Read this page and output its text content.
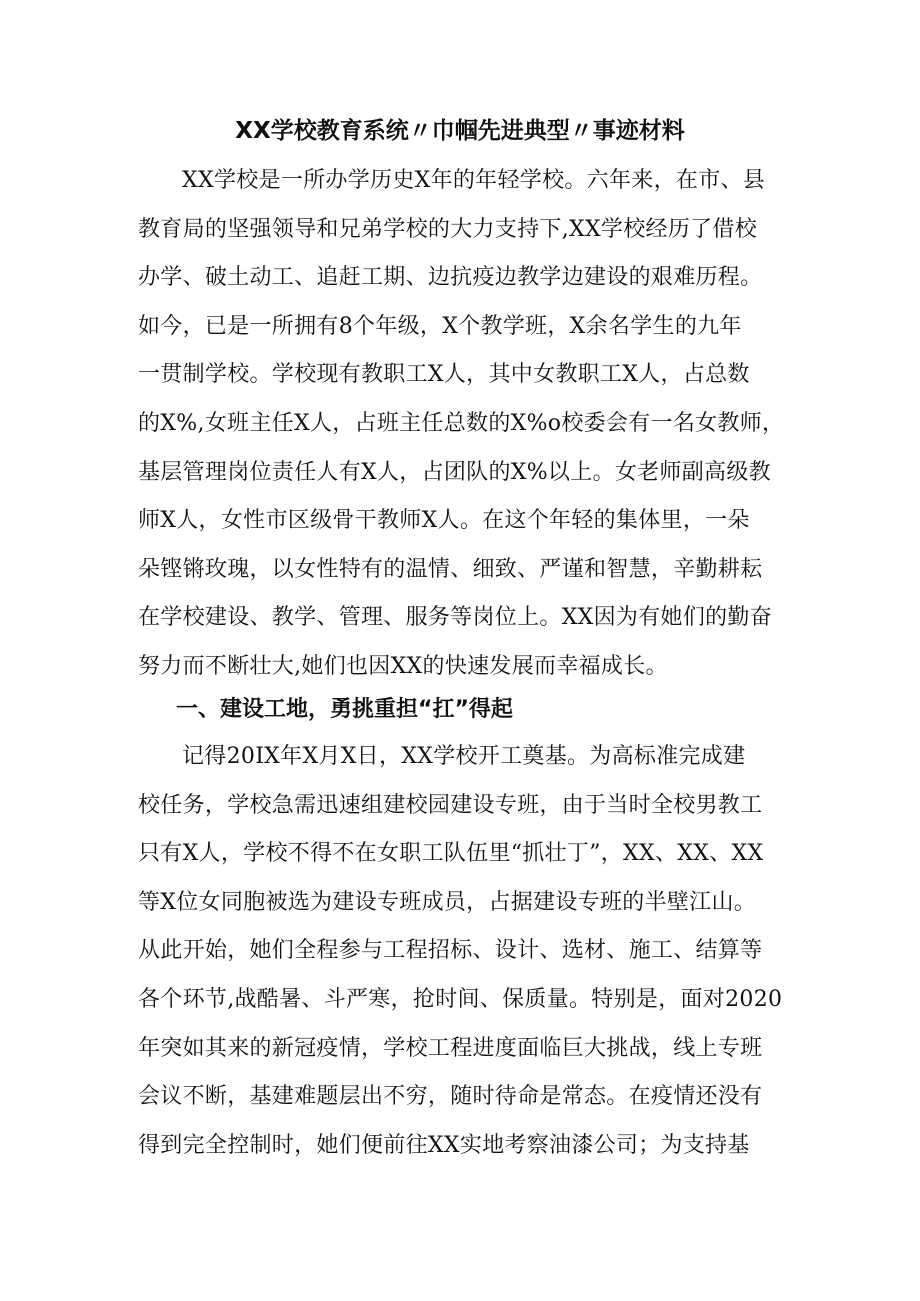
XX学校教育系统〃巾帼先进典型〃事迹材料
XX学校是一所办学历史X年的年轻学校。六年来，在市、县
教育局的坚强领导和兄弟学校的大力支持下,XX学校经历了借校
办学、破土动工、追赶工期、边抗疫边教学边建设的艰难历程。
如今，已是一所拥有8个年级，X个教学班，X余名学生的九年
一贯制学校。学校现有教职工X人，其中女教职工X人，占总数
的X%,女班主任X人，占班主任总数的X%o校委会有一名女教师，
基层管理岗位责任人有X人，占团队的X%以上。女老师副高级教
师X人，女性市区级骨干教师X人。在这个年轻的集体里，一朵
朵铿锵玫瑰，以女性特有的温情、细致、严谨和智慧，辛勤耕耘
在学校建设、教学、管理、服务等岗位上。XX因为有她们的勤奋
努力而不断壮大,她们也因XX的快速发展而幸福成长。
一、建设工地，勇挑重担“扛”得起
记得20IX年X月X日，XX学校开工奠基。为高标准完成建
校任务，学校急需迅速组建校园建设专班，由于当时全校男教工
只有X人，学校不得不在女职工队伍里“抓壮丁”，XX、XX、XX
等X位女同胞被选为建设专班成员，占据建设专班的半壁江山。
从此开始，她们全程参与工程招标、设计、选材、施工、结算等
各个环节,战酷暑、斗严寒，抢时间、保质量。特别是，面对2020
年突如其来的新冠疫情，学校工程进度面临巨大挑战，线上专班
会议不断，基建难题层出不穷，随时待命是常态。在疫情还没有
得到完全控制时，她们便前往XX实地考察油漆公司；为支持基
